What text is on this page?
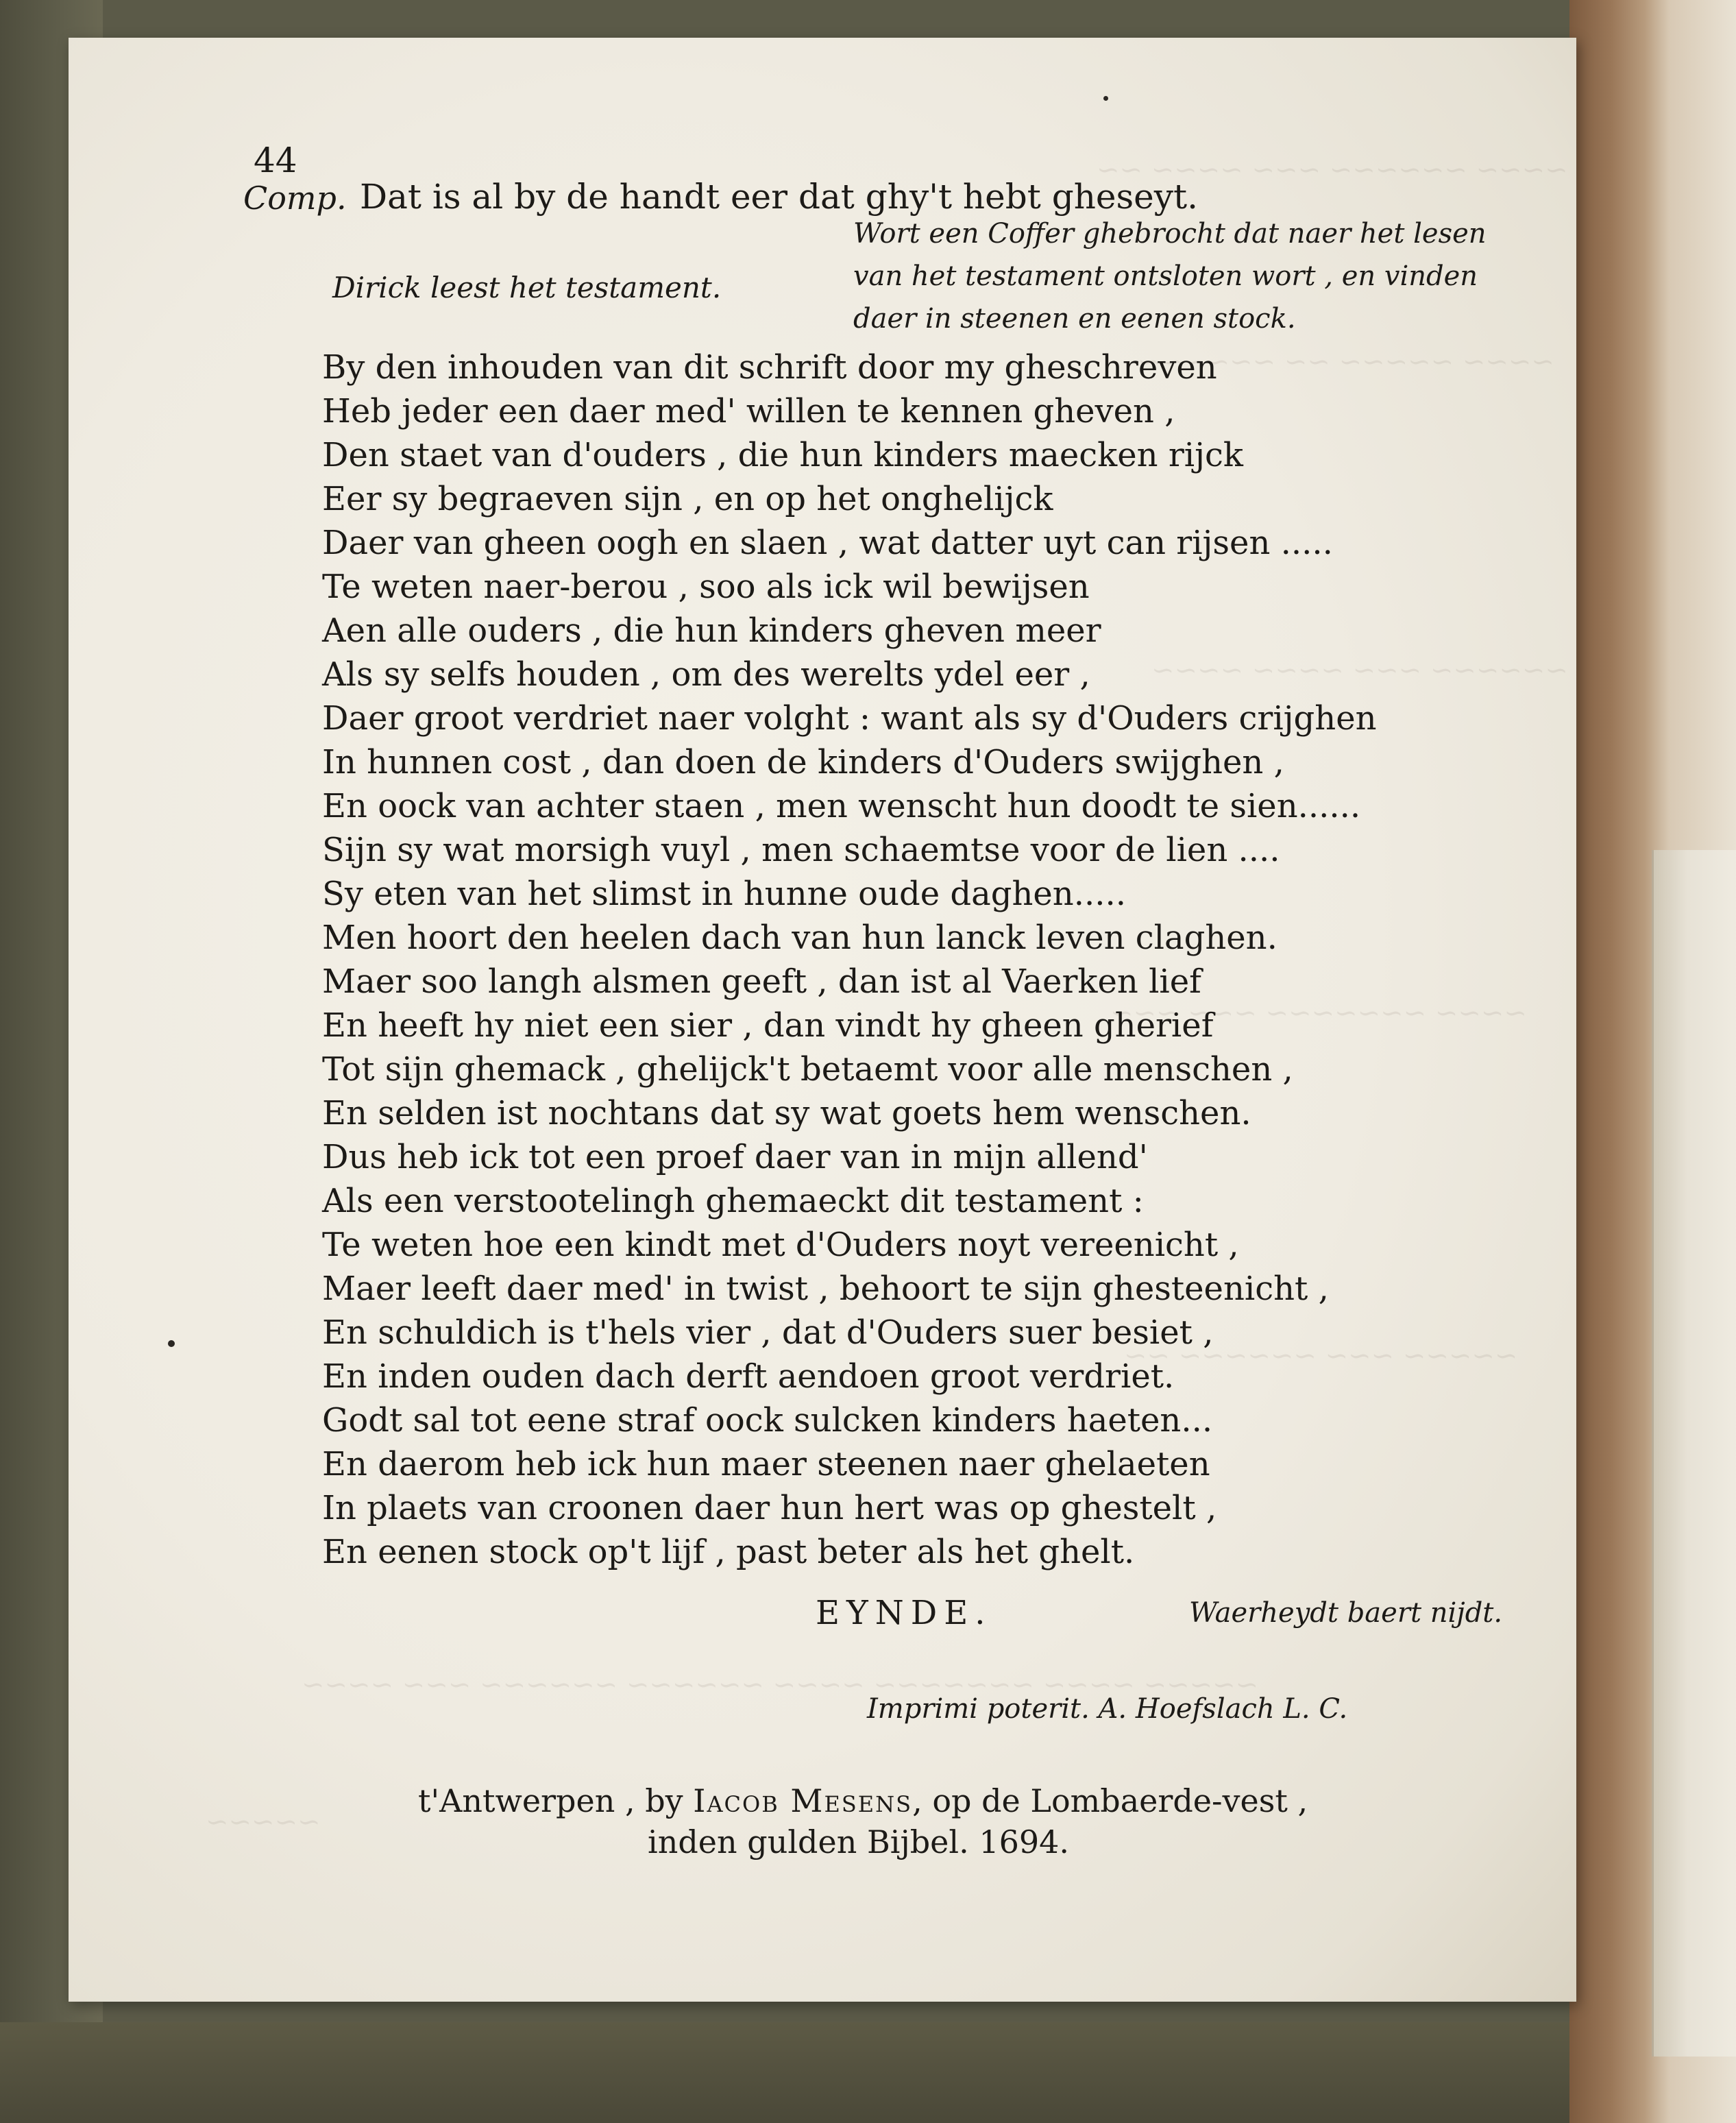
~~~~ ~~~~~~ ~~~ ~~~~ ~~
~~~~ ~~~~~ ~~ ~~~~~~
~~~~~~ ~~~ ~~~~ ~~~~
~~~~ ~~~~~~~ ~~~ ~~~
~~~~~ ~~~ ~~~~~~ ~~
~~~~~ ~~~~ ~~~~~~~ ~~~~ ~~~~~~ ~~~~~~ ~~~ ~~~~
~~~~~
44
Comp. Dat is al by de handt eer dat ghy't hebt gheseyt.
Wort een Coffer ghebrocht dat naer het lesen
van het testament ontsloten wort , en vinden
daer in steenen en eenen stock.
Dirick leest het testament.
By den inhouden van dit schrift door my gheschreven
Heb jeder een daer med' willen te kennen gheven ,
Den staet van d'ouders , die hun kinders maecken rijck
Eer sy begraeven sijn , en op het onghelijck
Daer van gheen oogh en slaen , wat datter uyt can rijsen .....
Te weten naer-berou , soo als ick wil bewijsen
Aen alle ouders , die hun kinders gheven meer
Als sy selfs houden , om des werelts ydel eer ,
Daer groot verdriet naer volght : want als sy d'Ouders crijghen
In hunnen cost , dan doen de kinders d'Ouders swijghen ,
En oock van achter staen , men wenscht hun doodt te sien......
Sijn sy wat morsigh vuyl , men schaemtse voor de lien ....
Sy eten van het slimst in hunne oude daghen.....
Men hoort den heelen dach van hun lanck leven claghen.
Maer soo langh alsmen geeft , dan ist al Vaerken lief
En heeft hy niet een sier , dan vindt hy gheen gherief
Tot sijn ghemack , ghelijck't betaemt voor alle menschen ,
En selden ist nochtans dat sy wat goets hem wenschen.
Dus heb ick tot een proef daer van in mijn allend'
Als een verstootelingh ghemaeckt dit testament :
Te weten hoe een kindt met d'Ouders noyt vereenicht ,
Maer leeft daer med' in twist , behoort te sijn ghesteenicht ,
En schuldich is t'hels vier , dat d'Ouders suer besiet ,
En inden ouden dach derft aendoen groot verdriet.
Godt sal tot eene straf oock sulcken kinders haeten...
En daerom heb ick hun maer steenen naer ghelaeten
In plaets van croonen daer hun hert was op ghestelt ,
En eenen stock op't lijf , past beter als het ghelt.
EYNDE.	Waerheydt baert nijdt.
Imprimi poterit. A. Hoefslach L. C.
t'Antwerpen , by Iacob Mesens, op de Lombaerde-vest ,
inden gulden Bijbel. 1694.
